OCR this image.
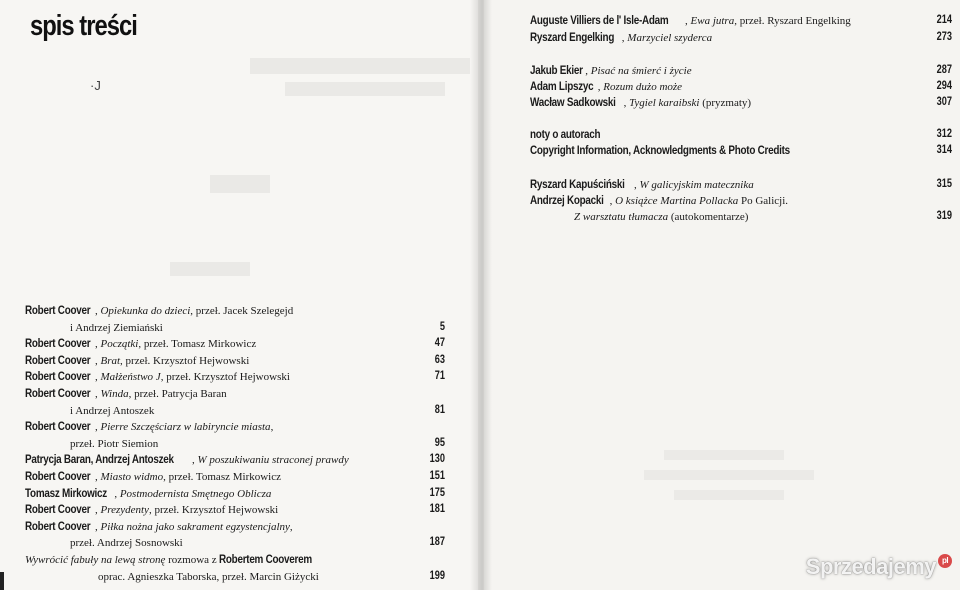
spis treści
·J
Robert Coover , Opiekunka do dzieci, przeł. Jacek Szelegejd
i Andrzej Ziemiański	5
Robert Coover , Początki, przeł. Tomasz Mirkowicz	47
Robert Coover , Brat, przeł. Krzysztof Hejwowski	63
Robert Coover , Małżeństwo J, przeł. Krzysztof Hejwowski	71
Robert Coover , Winda, przeł. Patrycja Baran
i Andrzej Antoszek	81
Robert Coover , Pierre Szczęściarz w labiryncie miasta,
przeł. Piotr Siemion	95
Patrycja Baran, Andrzej Antoszek , W poszukiwaniu straconej prawdy	130
Robert Coover , Miasto widmo, przeł. Tomasz Mirkowicz	151
Tomasz Mirkowicz , Postmodernista Smętnego Oblicza	175
Robert Coover , Prezydenty, przeł. Krzysztof Hejwowski	181
Robert Coover , Piłka nożna jako sakrament egzystencjalny,
przeł. Andrzej Sosnowski	187
Wywrócić fabuły na lewą stronę rozmowa z Robertem Cooverem
oprac. Agnieszka Taborska, przeł. Marcin Giżycki	199
Auguste Villiers de l' Isle-Adam , Ewa jutra, przeł. Ryszard Engelking	214
Ryszard Engelking , Marzyciel szyderca	273
Jakub Ekier , Pisać na śmierć i życie	287
Adam Lipszyc , Rozum dużo może	294
Wacław Sadkowski , Tygiel karaibski (pryzmaty)	307
noty o autorach	312
Copyright Information, Acknowledgments & Photo Credits	314
Ryszard Kapuściński , W galicyjskim matecznika	315
Andrzej Kopacki , O książce Martina Pollacka Po Galicji.
Z warsztatu tłumacza (autokomentarze)	319
Sprzedajemy pl
